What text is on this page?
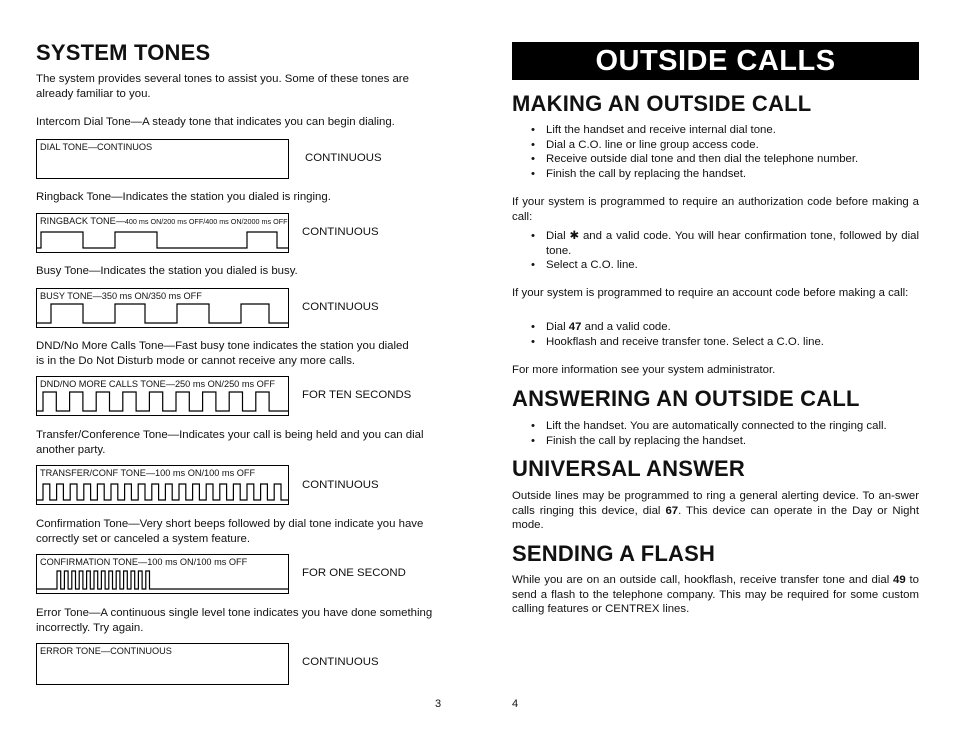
SYSTEM TONES
The system provides several tones to assist you. Some of these tones are already familiar to you.
Intercom Dial Tone—A steady tone that indicates you can begin dialing.
DIAL TONE—CONTINUOS
CONTINUOUS
Ringback Tone—Indicates the station you dialed is ringing.
RINGBACK TONE—400 ms ON/200 ms OFF/400 ms ON/2000 ms OFF
CONTINUOUS
Busy Tone—Indicates the station you dialed is busy.
BUSY TONE—350 ms ON/350 ms OFF
CONTINUOUS
DND/No More Calls Tone—Fast busy tone indicates the station you dialed is in the Do Not Disturb mode or cannot receive any more calls.
DND/NO MORE CALLS TONE—250 ms ON/250 ms OFF
FOR TEN SECONDS
Transfer/Conference Tone—Indicates your call is being held and you can dial another party.
TRANSFER/CONF TONE—100 ms ON/100 ms OFF
CONTINUOUS
Confirmation Tone—Very short beeps followed by dial tone indicate you have correctly set or canceled a system feature.
CONFIRMATION TONE—100 ms ON/100 ms OFF
FOR ONE SECOND
Error Tone—A continuous single level tone indicates you have done something incorrectly. Try again.
ERROR TONE—CONTINUOUS
CONTINUOUS
3
OUTSIDE CALLS
MAKING AN OUTSIDE CALL
• Lift the handset and receive internal dial tone.
• Dial a C.O. line or line group access code.
• Receive outside dial tone and then dial the telephone number.
• Finish the call by replacing the handset.
If your system is programmed to require an authorization code before making a call:
• Dial ✱ and a valid code. You will hear confirmation tone, followed by dial tone.
• Select a C.O. line.
If your system is programmed to require an account code before making a call:
• Dial 47 and a valid code.
• Hookflash and receive transfer tone. Select a C.O. line.
For more information see your system administrator.
ANSWERING AN OUTSIDE CALL
• Lift the handset. You are automatically connected to the ringing call.
• Finish the call by replacing the handset.
UNIVERSAL ANSWER
Outside lines may be programmed to ring a general alerting device. To an-swer calls ringing this device, dial 67. This device can operate in the Day or Night mode.
SENDING A FLASH
While you are on an outside call, hookflash, receive transfer tone and dial 49 to send a flash to the telephone company. This may be required for some custom calling features or CENTREX lines.
4
